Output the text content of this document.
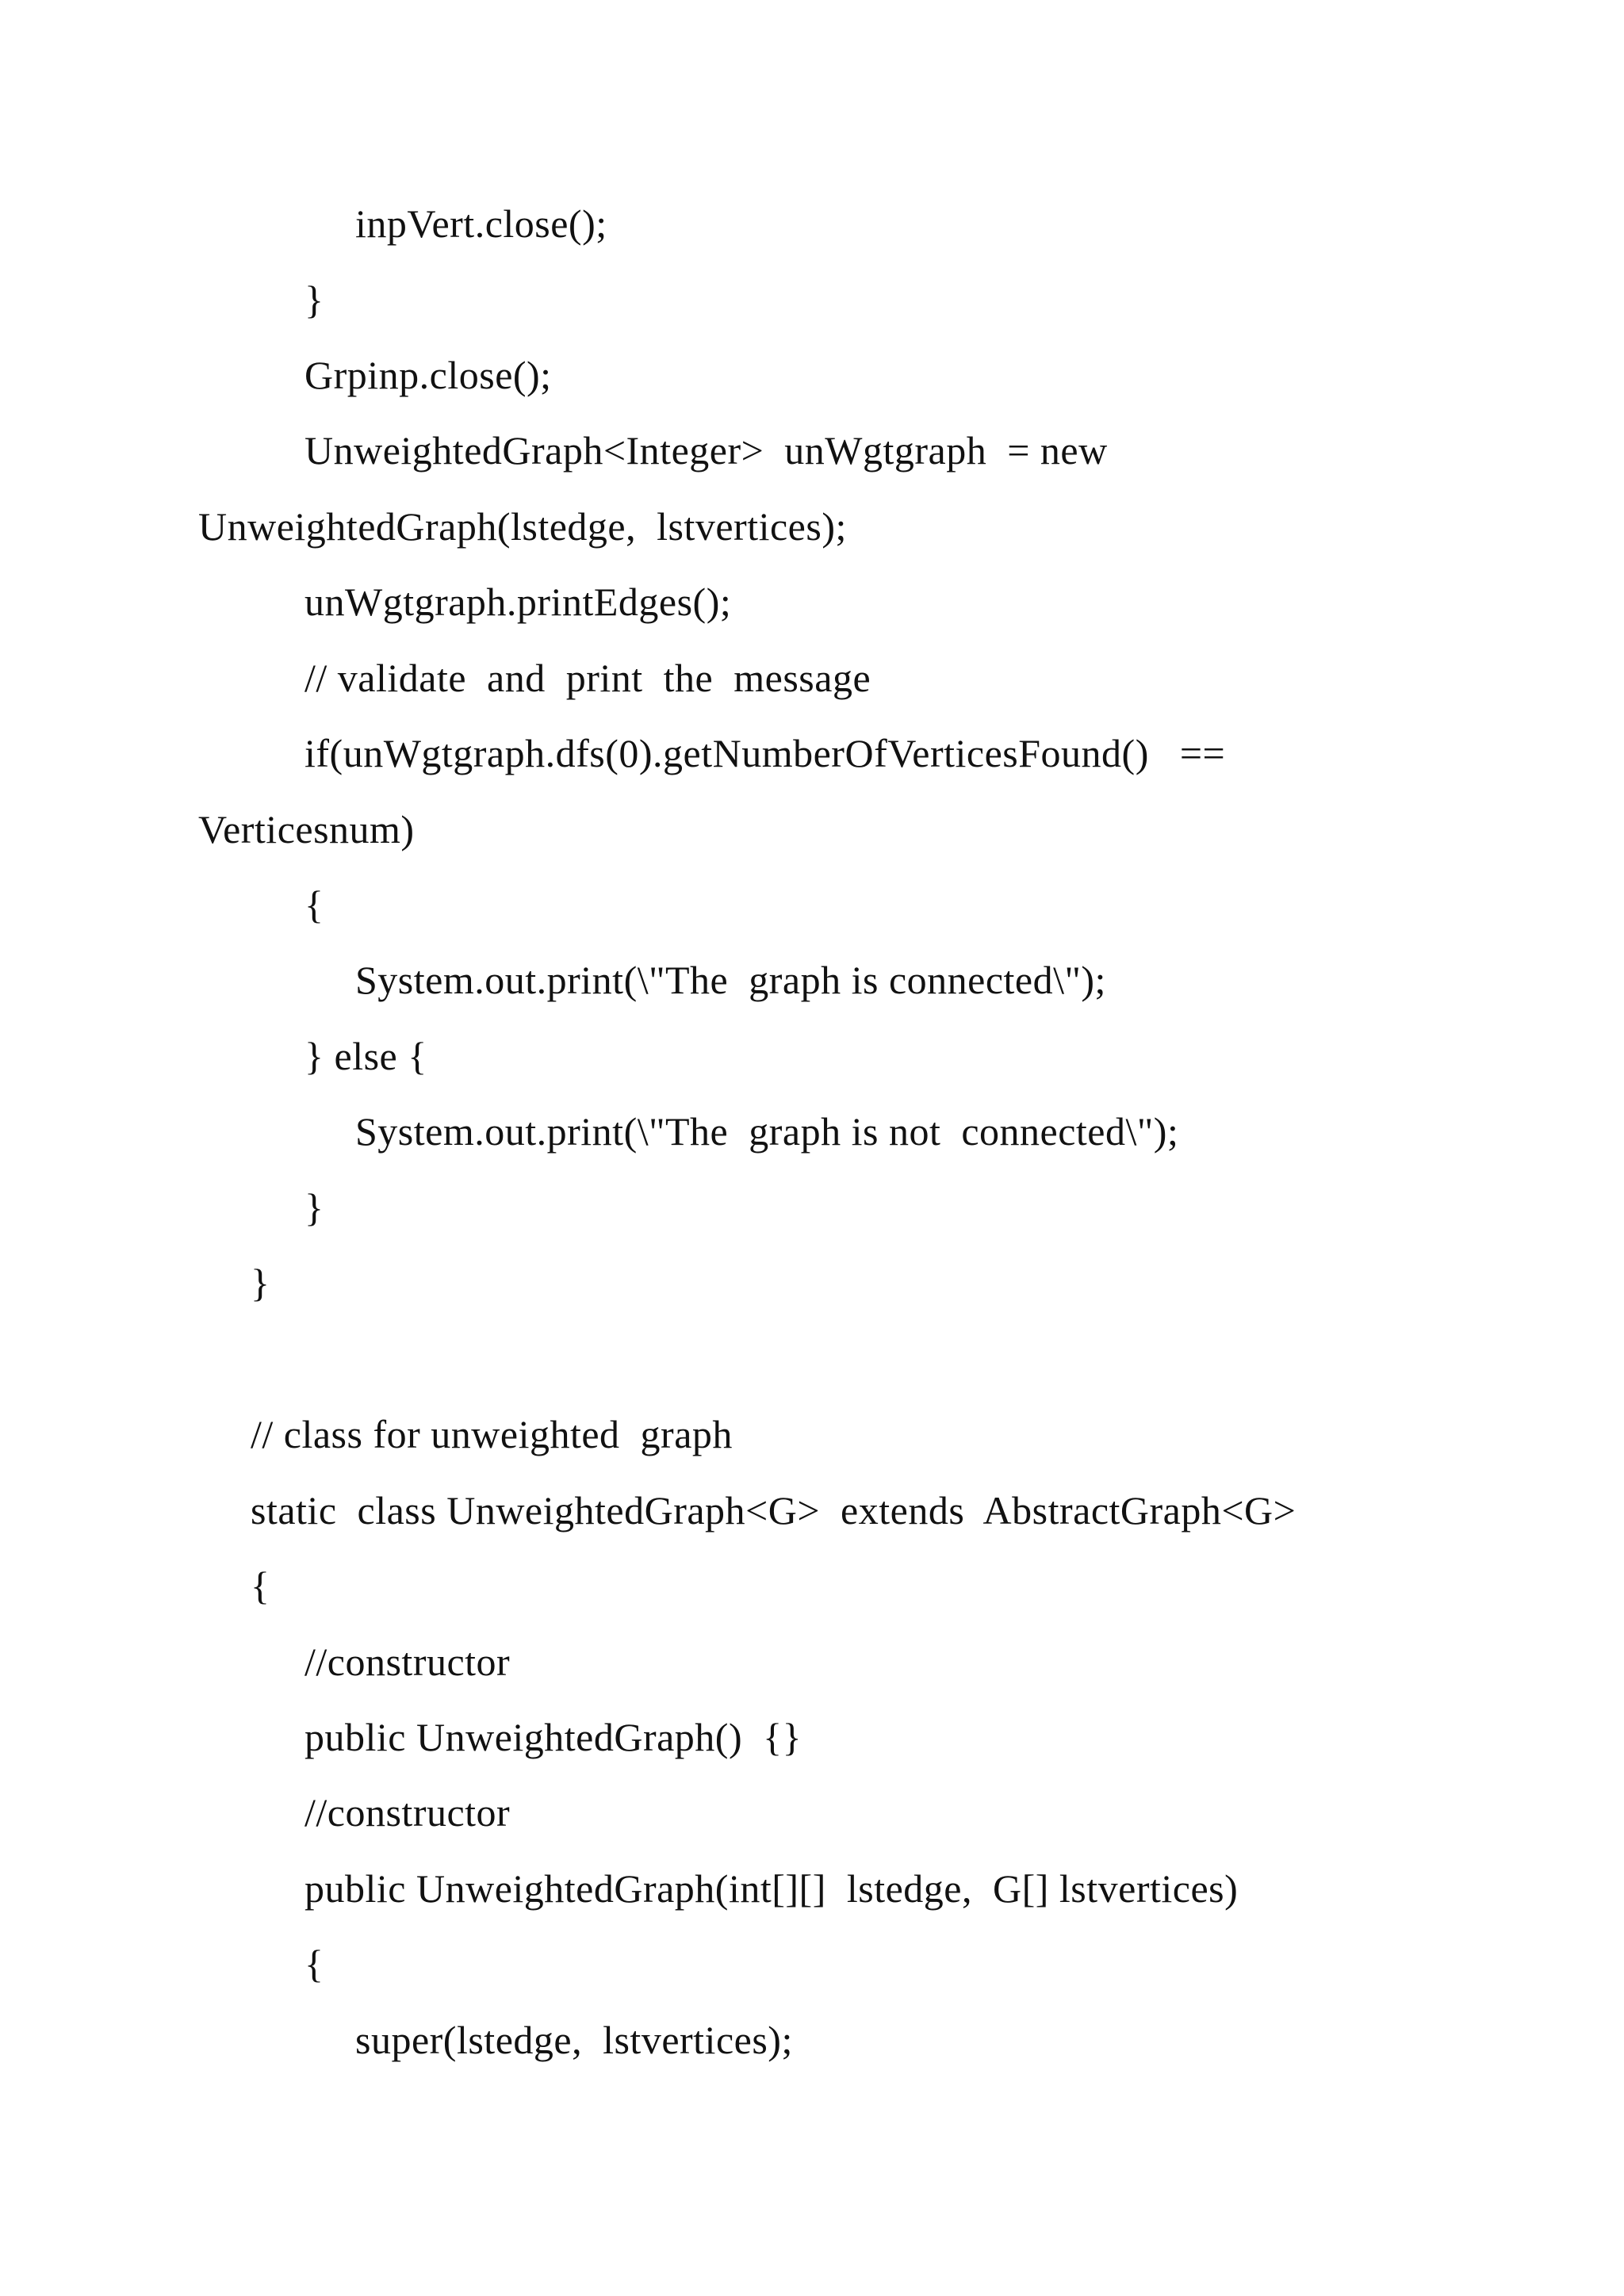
inpVert.close();
}
Grpinp.close();
UnweightedGraph<Integer>  unWgtgraph  = new
UnweightedGraph(lstedge,  lstvertices);
unWgtgraph.printEdges();
// validate  and  print  the  message
if(unWgtgraph.dfs(0).getNumberOfVerticesFound()   ==
Verticesnum)
{
System.out.print(\"The  graph is connected\");
} else {
System.out.print(\"The  graph is not  connected\");
}
}
// class for unweighted  graph
static  class UnweightedGraph<G>  extends  AbstractGraph<G>
{
//constructor
public UnweightedGraph()  {}
//constructor
public UnweightedGraph(int[][]  lstedge,  G[] lstvertices)
{
super(lstedge,  lstvertices);
